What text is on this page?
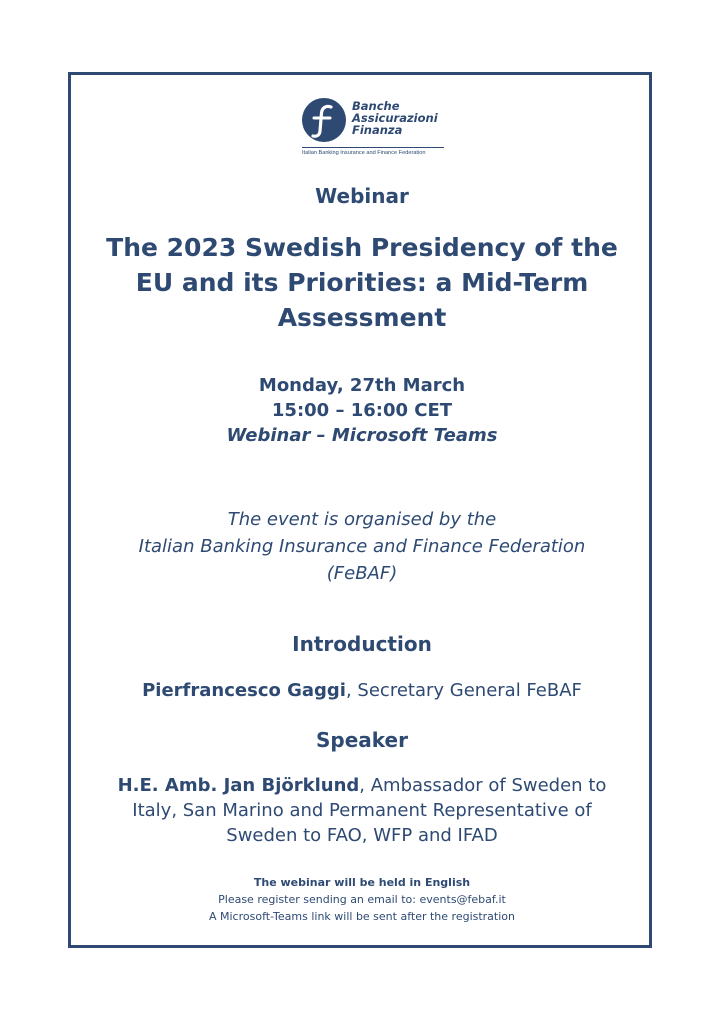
Banche
Assicurazioni
Finanza
Italian Banking Insurance and Finance Federation
Webinar
The 2023 Swedish Presidency of the
EU and its Priorities: a Mid-Term
Assessment
Monday, 27th March
15:00 – 16:00 CET
Webinar – Microsoft Teams
The event is organised by the
Italian Banking Insurance and Finance Federation
(FeBAF)
Introduction
Pierfrancesco Gaggi, Secretary General FeBAF
Speaker
H.E. Amb. Jan Björklund, Ambassador of Sweden to
Italy, San Marino and Permanent Representative of
Sweden to FAO, WFP and IFAD
The webinar will be held in English
Please register sending an email to: events@febaf.it
A Microsoft-Teams link will be sent after the registration
